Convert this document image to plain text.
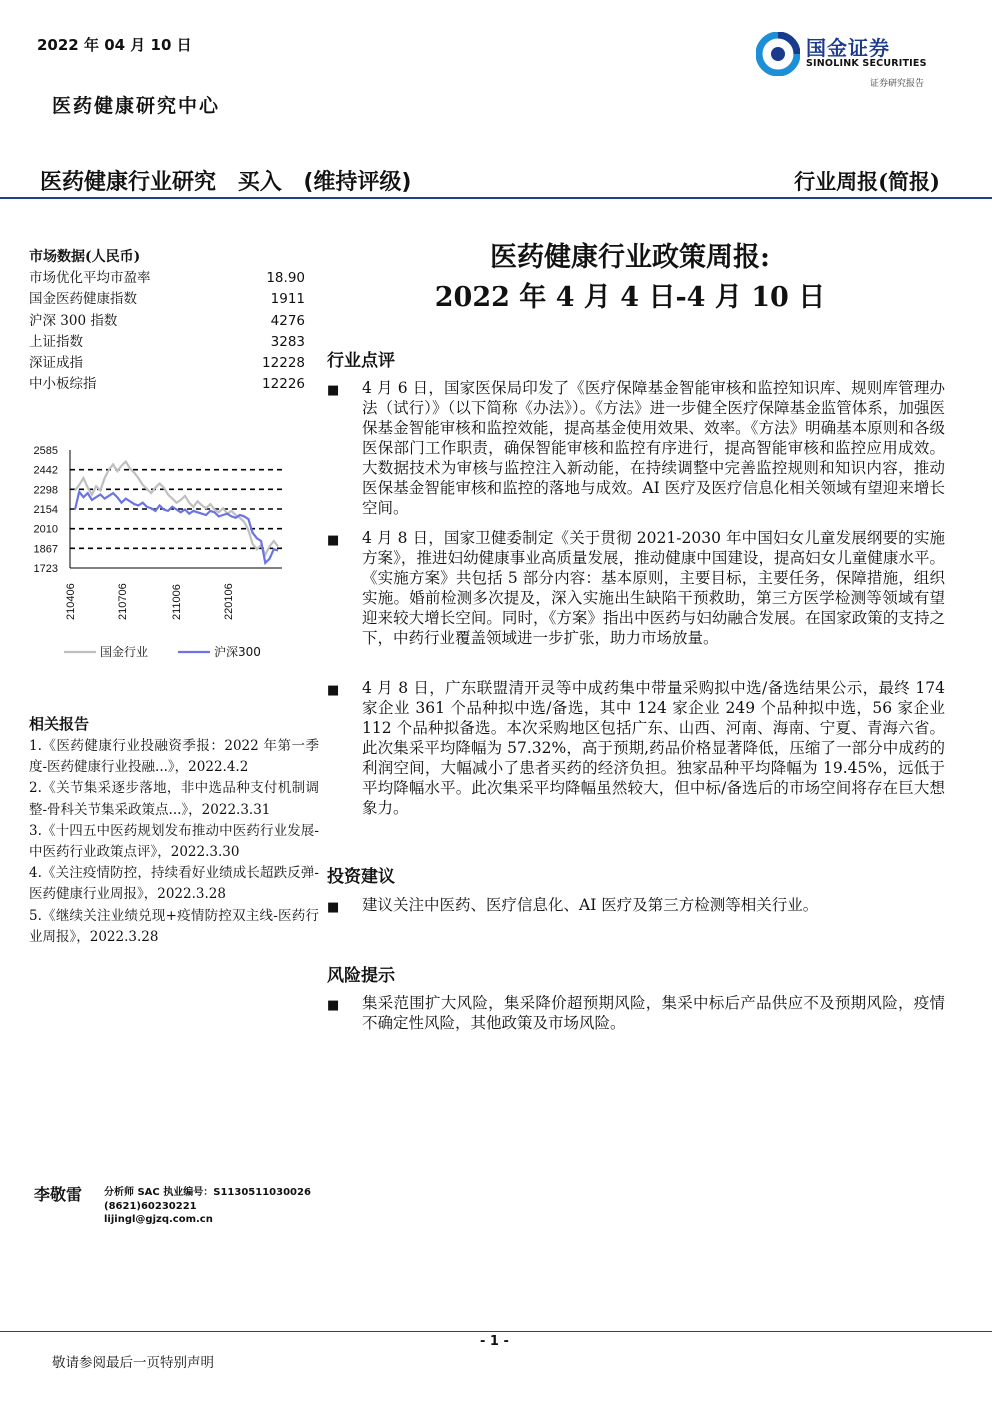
2022 年 04 月 10 日
医药健康研究中心
国金证券
SINOLINK SECURITIES
证券研究报告
医药健康行业研究 买入 (维持评级)	行业周报(简报)
市场数据(人民币)
市场优化平均市盈率	18.90
国金医药健康指数	1911
沪深 300 指数	4276
上证指数	3283
深证成指	12228
中小板综指	12226
2585
2442
2298
2154
2010
1867
1723
210406	210706	211006	220106
国金行业	沪深300
相关报告
1.《医药健康行业投融资季报：2022 年第一季度-医药健康行业投融...》，2022.4.2
2.《关节集采逐步落地，非中选品种支付机制调整-骨科关节集采政策点...》，2022.3.31
3.《十四五中医药规划发布推动中医药行业发展-中医药行业政策点评》，2022.3.30
4.《关注疫情防控，持续看好业绩成长超跌反弹-医药健康行业周报》，2022.3.28
5.《继续关注业绩兑现+疫情防控双主线-医药行业周报》，2022.3.28
医药健康行业政策周报:
2022 年 4 月 4 日-4 月 10 日
行业点评
■ 4 月 6 日，国家医保局印发了《医疗保障基金智能审核和监控知识库、规则库管理办法（试行）》（以下简称《办法》）。《方法》进一步健全医疗保障基金监管体系，加强医保基金智能审核和监控效能，提高基金使用效果、效率。《方法》明确基本原则和各级医保部门工作职责，确保智能审核和监控有序进行，提高智能审核和监控应用成效。大数据技术为审核与监控注入新动能，在持续调整中完善监控规则和知识内容，推动医保基金智能审核和监控的落地与成效。AI 医疗及医疗信息化相关领域有望迎来增长空间。
■ 4 月 8 日，国家卫健委制定《关于贯彻 2021-2030 年中国妇女儿童发展纲要的实施方案》，推进妇幼健康事业高质量发展，推动健康中国建设，提高妇女儿童健康水平。《实施方案》共包括 5 部分内容：基本原则，主要目标，主要任务，保障措施，组织实施。婚前检测多次提及，深入实施出生缺陷干预救助，第三方医学检测等领域有望迎来较大增长空间。同时，《方案》指出中医药与妇幼融合发展。在国家政策的支持之下，中药行业覆盖领域进一步扩张，助力市场放量。
■ 4 月 8 日，广东联盟清开灵等中成药集中带量采购拟中选/备选结果公示，最终 174 家企业 361 个品种拟中选/备选，其中 124 家企业 249 个品种拟中选，56 家企业 112 个品种拟备选。本次采购地区包括广东、山西、河南、海南、宁夏、青海六省。此次集采平均降幅为 57.32%，高于预期,药品价格显著降低，压缩了一部分中成药的利润空间，大幅减小了患者买药的经济负担。独家品种平均降幅为 19.45%，远低于平均降幅水平。此次集采平均降幅虽然较大，但中标/备选后的市场空间将存在巨大想象力。
投资建议
■ 建议关注中医药、医疗信息化、AI 医疗及第三方检测等相关行业。
风险提示
■ 集采范围扩大风险，集采降价超预期风险，集采中标后产品供应不及预期风险，疫情不确定性风险，其他政策及市场风险。
李敬雷 分析师 SAC 执业编号：S1130511030026
(8621)60230221
lijingl@gjzq.com.cn
- 1 -
敬请参阅最后一页特别声明
